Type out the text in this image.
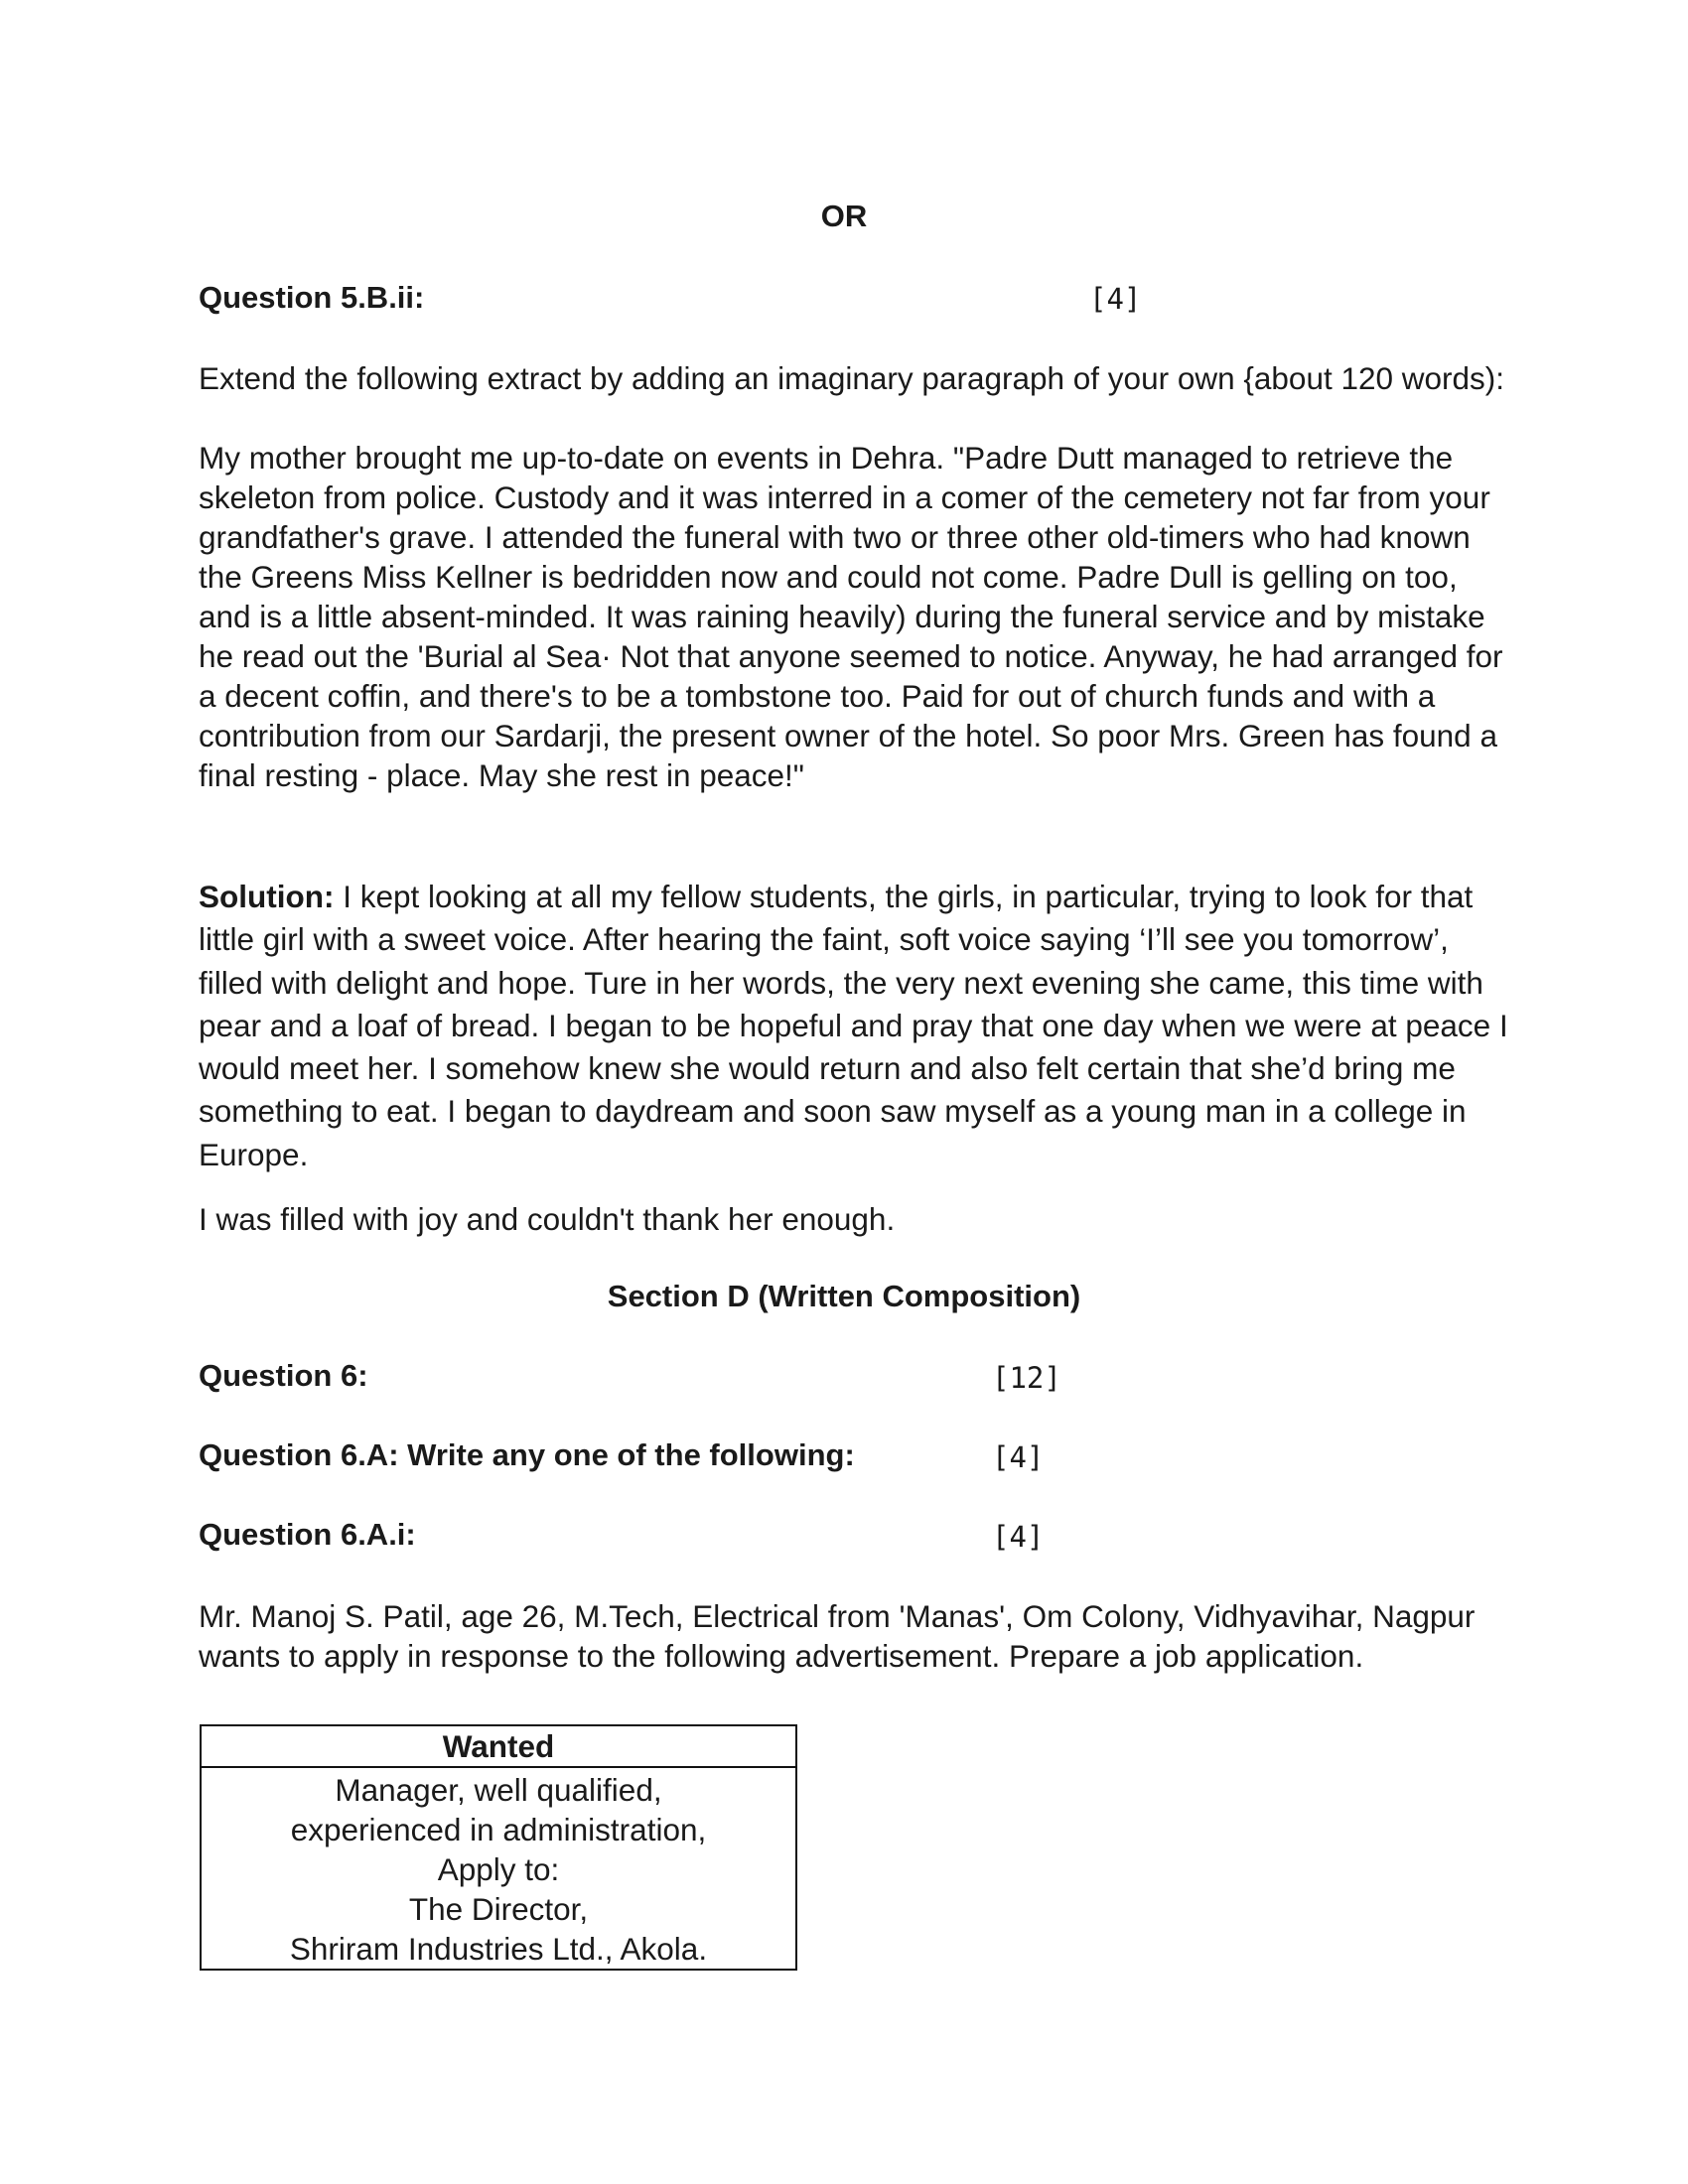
OR
Question 5.B.ii:	[4]
Extend the following extract by adding an imaginary paragraph of your own {about 120 words):
My mother brought me up-to-date on events in Dehra. "Padre Dutt managed to retrieve the skeleton from police. Custody and it was interred in a comer of the cemetery not far from your grandfather's grave. I attended the funeral with two or three other old-timers who had known the Greens Miss Kellner is bedridden now and could not come. Padre Dull is gelling on too, and is a little absent-minded. It was raining heavily) during the funeral service and by mistake he read out the 'Burial al Sea· Not that anyone seemed to notice. Anyway, he had arranged for a decent coffin, and there's to be a tombstone too. Paid for out of church funds and with a contribution from our Sardarji, the present owner of the hotel. So poor Mrs. Green has found a final resting - place. May she rest in peace!"
Solution: I kept looking at all my fellow students, the girls, in particular, trying to look for that little girl with a sweet voice. After hearing the faint, soft voice saying ‘I’ll see you tomorrow’, filled with delight and hope. Ture in her words, the very next evening she came, this time with pear and a loaf of bread. I began to be hopeful and pray that one day when we were at peace I would meet her. I somehow knew she would return and also felt certain that she’d bring me something to eat. I began to daydream and soon saw myself as a young man in a college in Europe.
I was filled with joy and couldn't thank her enough.
Section D (Written Composition)
Question 6:	[12]
Question 6.A: Write any one of the following:	[4]
Question 6.A.i:	[4]
Mr. Manoj S. Patil, age 26, M.Tech, Electrical from 'Manas', Om Colony, Vidhyavihar, Nagpur wants to apply in response to the following advertisement. Prepare a job application.
Wanted
Manager, well qualified,
experienced in administration,
Apply to:
The Director,
Shriram Industries Ltd., Akola.
